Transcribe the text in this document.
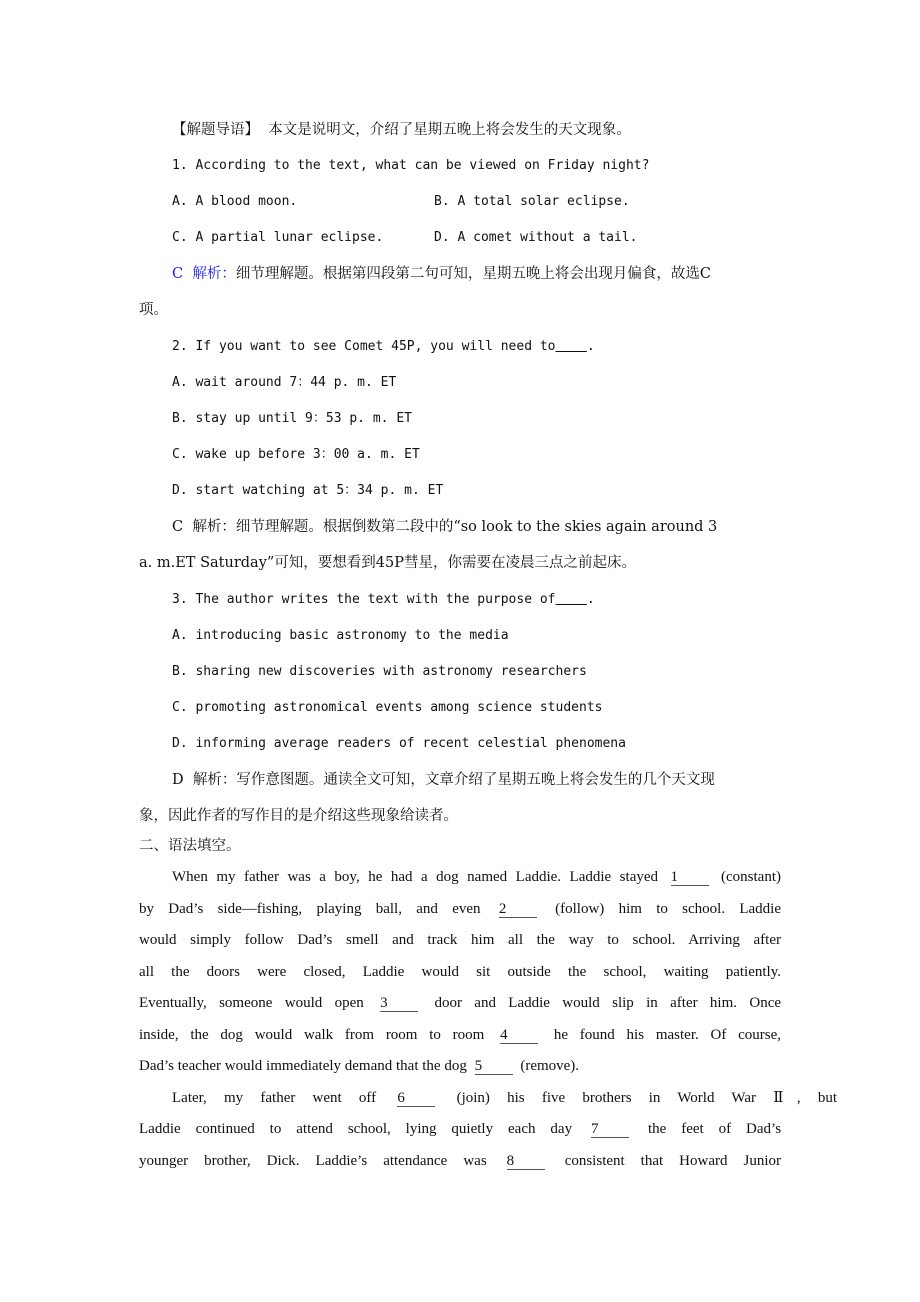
【解题导语】 本文是说明文，介绍了星期五晚上将会发生的天文现象。
1. According to the text, what can be viewed on Friday night?
A. A blood moon.	B. A total solar eclipse.
C. A partial lunar eclipse.	D. A comet without a tail.
C 解析：细节理解题。根据第四段第二句可知，星期五晚上将会出现月偏食，故选C
项。
2. If you want to see Comet 45P, you will need to .
A. wait around 7：44 p. m. ET
B. stay up until 9：53 p. m. ET
C. wake up before 3：00 a. m. ET
D. start watching at 5：34 p. m. ET
C 解析：细节理解题。根据倒数第二段中的“so look to the skies again around 3
a. m.ET Saturday”可知，要想看到45P彗星，你需要在凌晨三点之前起床。
3. The author writes the text with the purpose of .
A. introducing basic astronomy to the media
B. sharing new discoveries with astronomy researchers
C. promoting astronomical events among science students
D. informing average readers of recent celestial phenomena
D 解析：写作意图题。通读全文可知，文章介绍了星期五晚上将会发生的几个天文现
象，因此作者的写作目的是介绍这些现象给读者。
二、语法填空。
When my father was a boy, he had a dog named Laddie. Laddie stayed 1	(constant)
by Dad’s side—fishing, playing ball, and even 2	(follow) him to school. Laddie
would simply follow Dad’s smell and track him all the way to school. Arriving after
all the doors were closed, Laddie would sit outside the school, waiting patiently.
Eventually, someone would open 3	door and Laddie would slip in after him. Once
inside, the dog would walk from room to room 4	he found his master. Of course,
Dad’s teacher would immediately demand that the dog 5	(remove).
Later, my father went off 6	(join) his five brothers in World War Ⅱ, but
Laddie continued to attend school, lying quietly each day 7	the feet of Dad’s
younger brother, Dick. Laddie’s attendance was 8	consistent that Howard Junior
